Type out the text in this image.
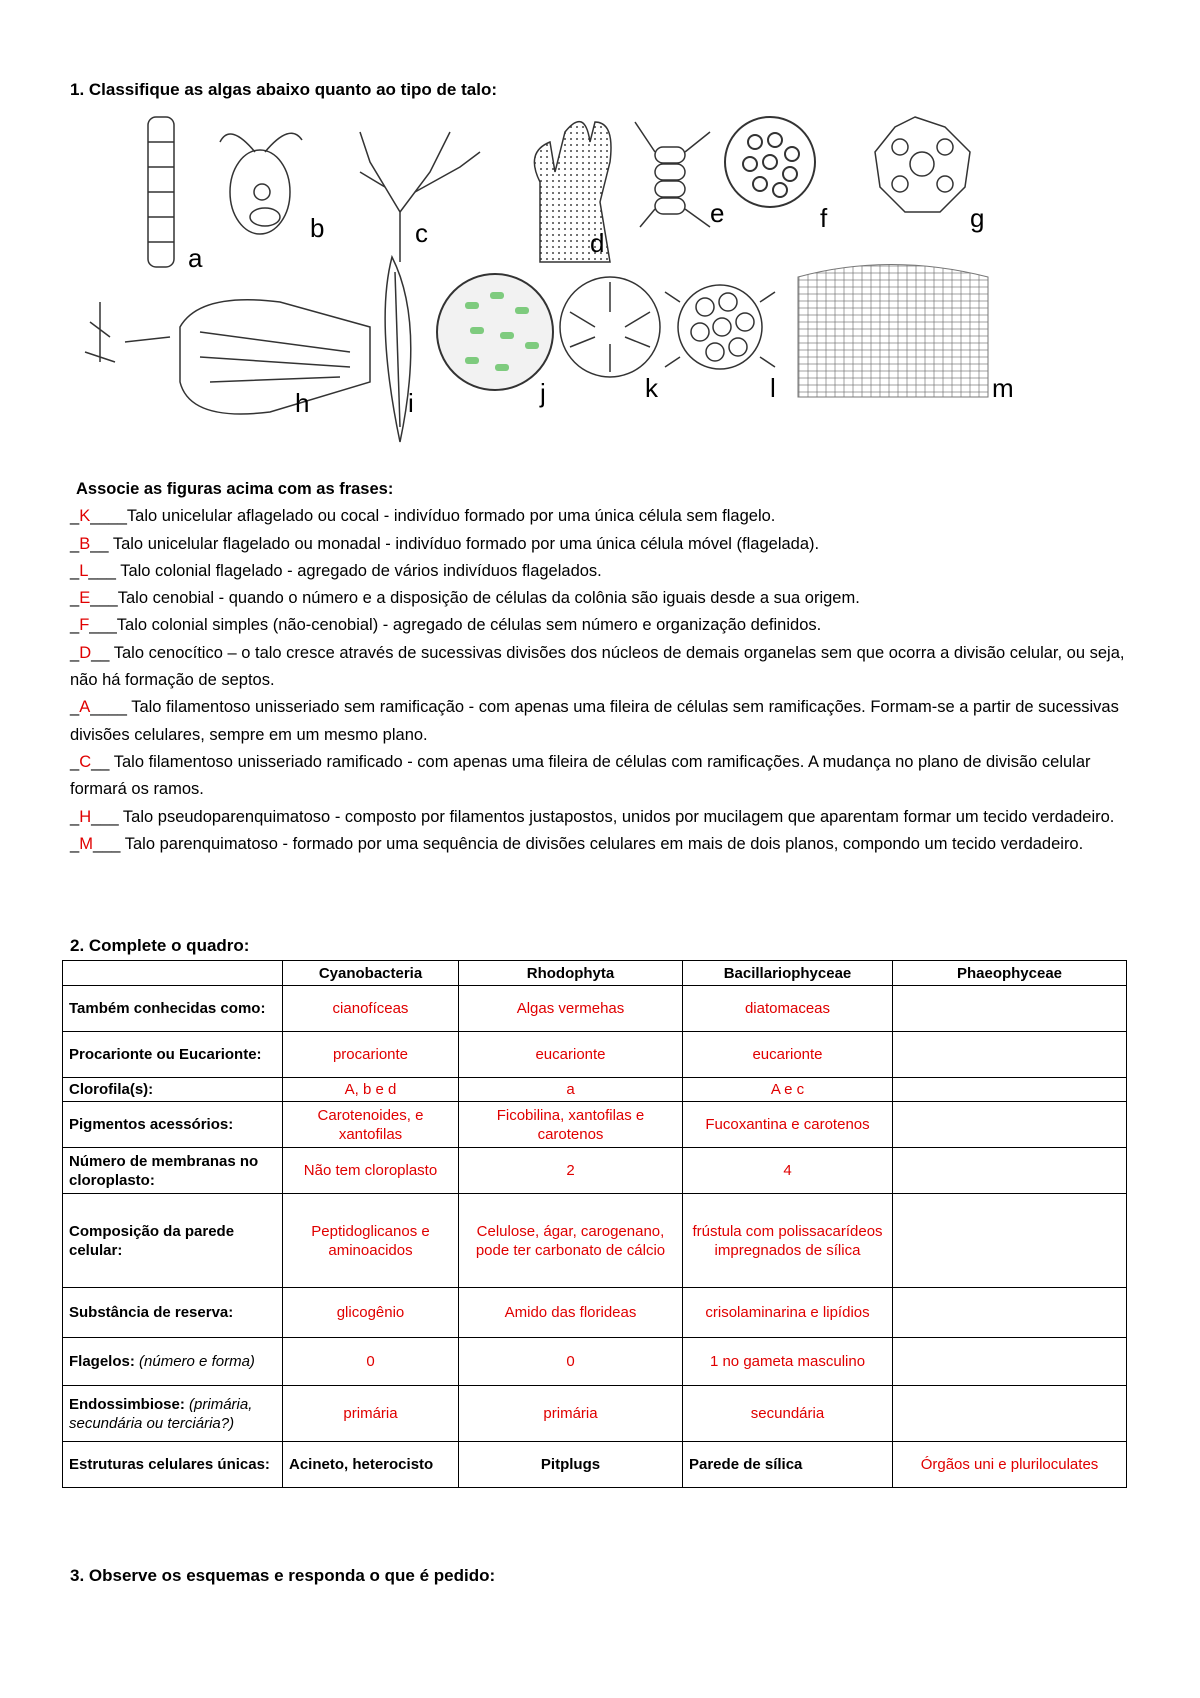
1. Classifique as algas abaixo quanto ao tipo de talo:
a
b	c	d
e	f	g
h	i	j	k	l	m
Associe as figuras acima com as frases:
_K____Talo unicelular aflagelado ou cocal - indivíduo formado por uma única célula sem flagelo.
_B__ Talo unicelular flagelado ou monadal - indivíduo formado por uma única célula móvel (flagelada).
_L___ Talo colonial flagelado - agregado de vários indivíduos flagelados.
_E___Talo cenobial - quando o número e a disposição de células da colônia são iguais desde a sua origem.
_F___Talo colonial simples (não-cenobial) - agregado de células sem número e organização definidos.
_D__ Talo cenocítico – o talo cresce através de sucessivas divisões dos núcleos de demais organelas sem que ocorra a divisão celular, ou seja, não há formação de septos.
_A____ Talo filamentoso unisseriado sem ramificação - com apenas uma fileira de células sem ramificações. Formam-se a partir de sucessivas divisões celulares, sempre em um mesmo plano.
_C__ Talo filamentoso unisseriado ramificado - com apenas uma fileira de células com ramificações. A mudança no plano de divisão celular formará os ramos.
_H___ Talo pseudoparenquimatoso - composto por filamentos justapostos, unidos por mucilagem que aparentam formar um tecido verdadeiro.
_M___ Talo parenquimatoso - formado por uma sequência de divisões celulares em mais de dois planos, compondo um tecido verdadeiro.
2. Complete o quadro:
	Cyanobacteria	Rhodophyta	Bacillariophyceae	Phaeophyceae
Também conhecidas como:	cianofíceas	Algas vermehas	diatomaceas	
Procarionte ou Eucarionte:	procarionte	eucarionte	eucarionte	
Clorofila(s):	A, b e d	a	A e c	
Pigmentos acessórios:	Carotenoides, e xantofilas	Ficobilina, xantofilas e carotenos	Fucoxantina e carotenos	
Número de membranas no cloroplasto:	Não tem cloroplasto	2	4	
Composição da parede celular:	Peptidoglicanos e aminoacidos	Celulose, ágar, carogenano, pode ter carbonato de cálcio	frústula com polissacarídeos impregnados de sílica	
Substância de reserva:	glicogênio	Amido das florideas	crisolaminarina e lipídios	
Flagelos: (número e forma)	0	0	1 no gameta masculino	
Endossimbiose: (primária, secundária ou terciária?)	primária	primária	secundária	
Estruturas celulares únicas:	Acineto, heterocisto	Pitplugs	Parede de sílica	Órgãos uni e pluriloculates
3. Observe os esquemas e responda o que é pedido:
